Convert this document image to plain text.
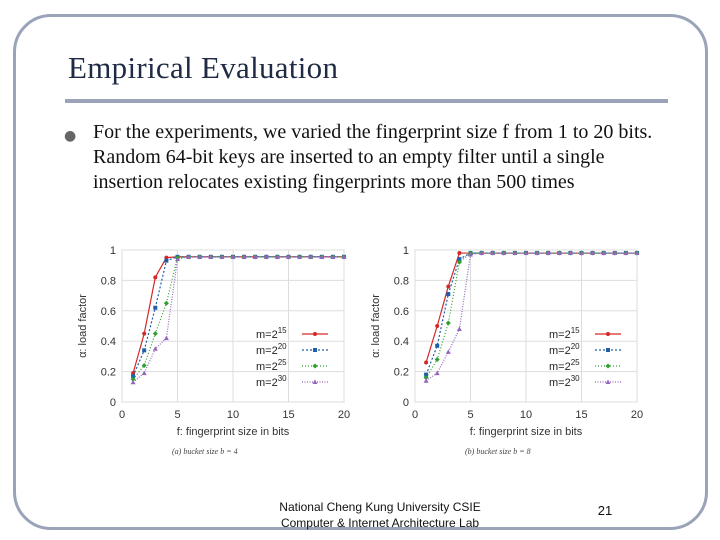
Empirical Evaluation
● For the experiments, we varied the fingerprint size f from 1 to 20 bits. Random 64-bit keys are inserted to an empty filter until a single insertion relocates existing fingerprints more than 500 times
0
0.2
0.4
0.6
0.8
1
0	5	10	15	20
f: fingerprint size in bits
α: load factor
(a) bucket size b = 4
$m=2^{15}$
$m=2^{20}$
$m=2^{25}$
$m=2^{30}$
0
0.2
0.4
0.6
0.8
1
0	5	10	15	20
f: fingerprint size in bits
α: load factor
(b) bucket size b = 8
$m=2^{15}$
$m=2^{20}$
$m=2^{25}$
$m=2^{30}$
National Cheng Kung University CSIE
Computer & Internet Architecture Lab
21
